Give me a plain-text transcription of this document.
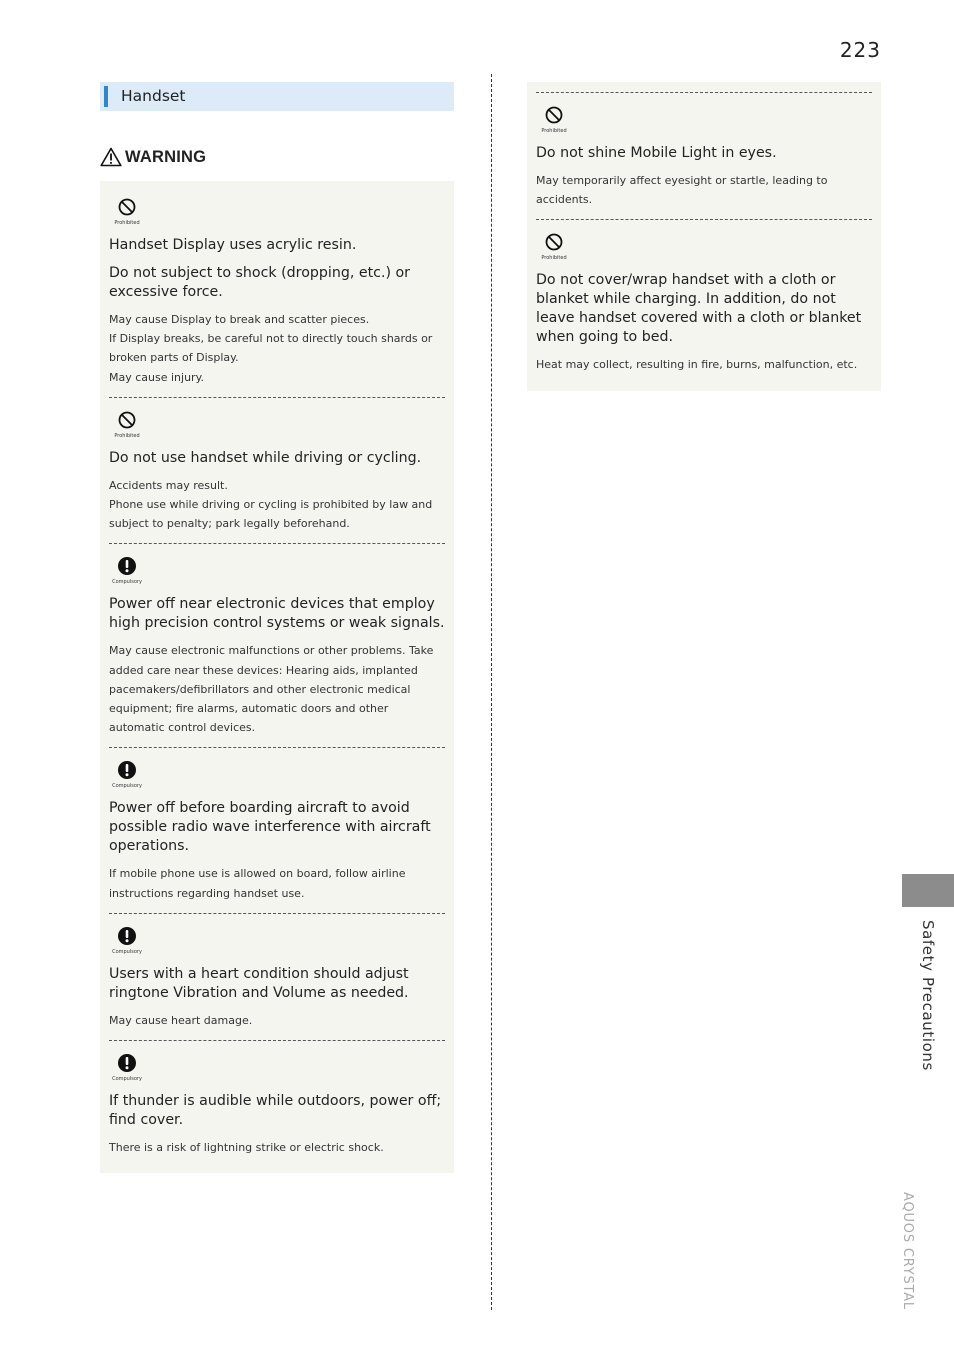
223
Handset
WARNING
Prohibited

Handset Display uses acrylic resin.

Do not subject to shock (dropping, etc.) or excessive force.

May cause Display to break and scatter pieces.
If Display breaks, be careful not to directly touch shards or broken parts of Display.
May cause injury.

Prohibited

Do not use handset while driving or cycling.

Accidents may result.
Phone use while driving or cycling is prohibited by law and subject to penalty; park legally beforehand.

Compulsory

Power off near electronic devices that employ high precision control systems or weak signals.

May cause electronic malfunctions or other problems. Take added care near these devices: Hearing aids, implanted pacemakers/defibrillators and other electronic medical equipment; fire alarms, automatic doors and other automatic control devices.

Compulsory

Power off before boarding aircraft to avoid possible radio wave interference with aircraft operations.

If mobile phone use is allowed on board, follow airline instructions regarding handset use.

Compulsory

Users with a heart condition should adjust ringtone Vibration and Volume as needed.

May cause heart damage.

Compulsory

If thunder is audible while outdoors, power off; find cover.

There is a risk of lightning strike or electric shock.

Prohibited

Do not shine Mobile Light in eyes.

May temporarily affect eyesight or startle, leading to accidents.

Prohibited

Do not cover/wrap handset with a cloth or blanket while charging. In addition, do not leave handset covered with a cloth or blanket when going to bed.

Heat may collect, resulting in fire, burns, malfunction, etc.

Safety Precautions
AQUOS CRYSTAL
